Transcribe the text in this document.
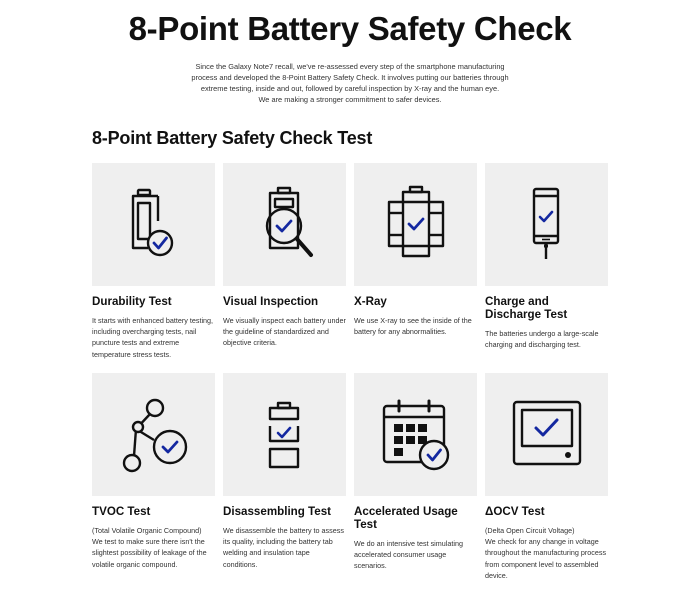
8-Point Battery Safety Check

Since the Galaxy Note7 recall, we've re-assessed every step of the smartphone manufacturing

process and developed the 8-Point Battery Safety Check. It involves putting our batteries through

extreme testing, inside and out, followed by careful inspection by X-ray and the human eye.

We are making a stronger commitment to safer devices.

8-Point Battery Safety Check Test
Durability Test

It starts with enhanced battery testing, including overcharging tests, nail puncture tests and extreme temperature stress tests.

Visual Inspection

We visually inspect each battery under the guideline of standardized and objective criteria.

X-Ray

We use X-ray to see the inside of the battery for any abnormalities.

Charge and Discharge Test

The batteries undergo a large-scale charging and discharging test.

TVOC Test

(Total Volatile Organic Compound)
We test to make sure there isn't the slightest possibility of leakage of the volatile organic compound.

Disassembling Test

We disassemble the battery to assess its quality, including the battery tab welding and insulation tape conditions.

Accelerated Usage Test

We do an intensive test simulating accelerated consumer usage scenarios.

ΔOCV Test

(Delta Open Circuit Voltage)
We check for any change in voltage throughout the manufacturing process from component level to assembled device.
